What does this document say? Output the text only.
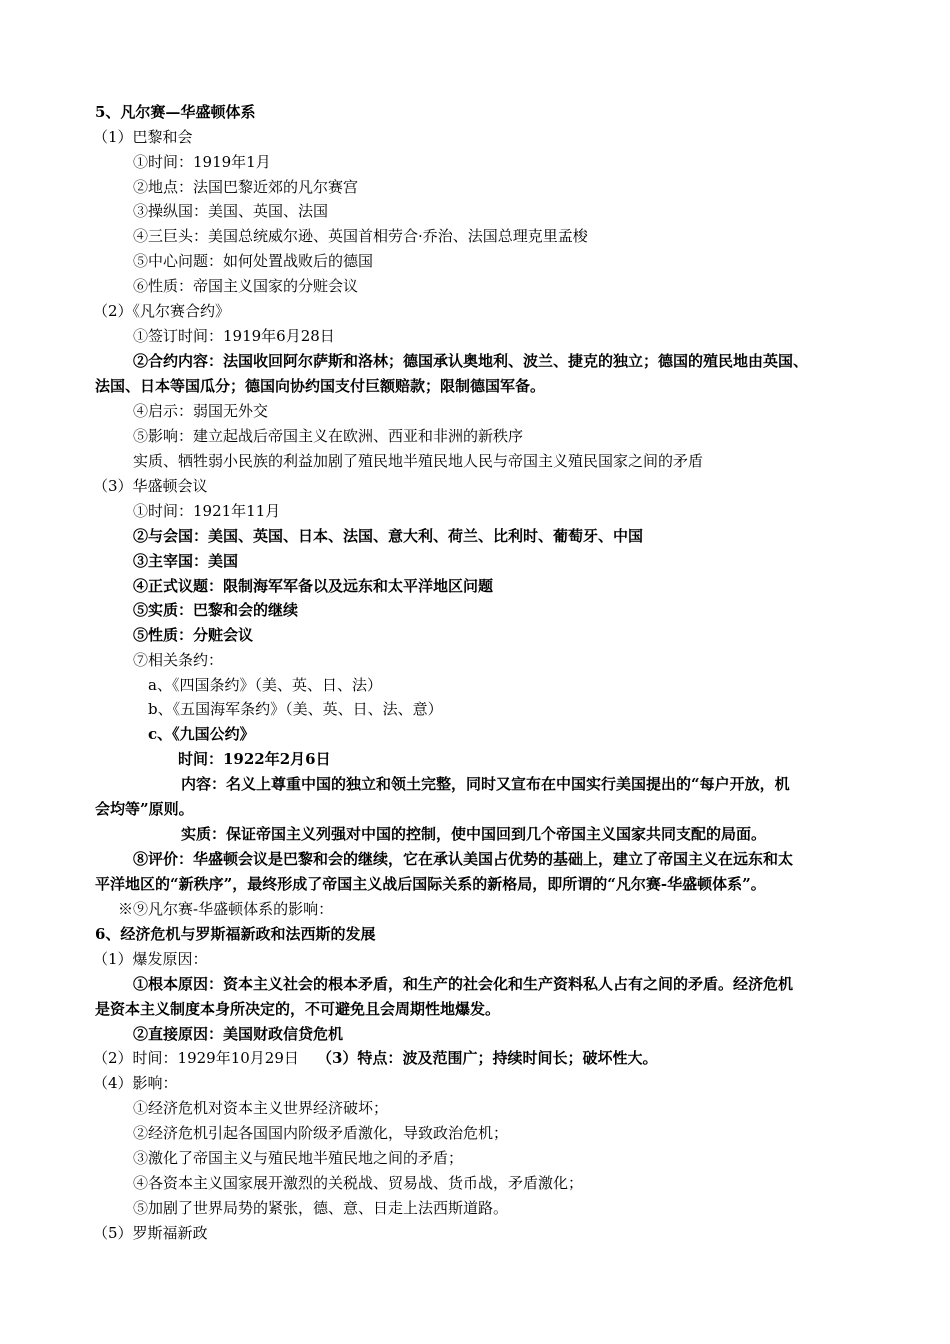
5、凡尔赛—华盛顿体系
（1）巴黎和会
①时间：1919年1月
②地点：法国巴黎近郊的凡尔赛宫
③操纵国：美国、英国、法国
④三巨头：美国总统威尔逊、英国首相劳合·乔治、法国总理克里孟梭
⑤中心问题：如何处置战败后的德国
⑥性质：帝国主义国家的分赃会议
（2）《凡尔赛合约》
①签订时间：1919年6月28日
②合约内容：法国收回阿尔萨斯和洛林；德国承认奥地利、波兰、捷克的独立；德国的殖民地由英国、
法国、日本等国瓜分；德国向协约国支付巨额赔款；限制德国军备。
④启示：弱国无外交
⑤影响：建立起战后帝国主义在欧洲、西亚和非洲的新秩序
实质、牺牲弱小民族的利益加剧了殖民地半殖民地人民与帝国主义殖民国家之间的矛盾
（3）华盛顿会议
①时间：1921年11月
②与会国：美国、英国、日本、法国、意大利、荷兰、比利时、葡萄牙、中国
③主宰国：美国
④正式议题：限制海军军备以及远东和太平洋地区问题
⑤实质：巴黎和会的继续
⑤性质：分赃会议
⑦相关条约：
a、《四国条约》（美、英、日、法）
b、《五国海军条约》（美、英、日、法、意）
c、《九国公约》
时间：1922年2月6日
内容：名义上尊重中国的独立和领土完整，同时又宣布在中国实行美国提出的“每户开放，机
会均等”原则。
实质：保证帝国主义列强对中国的控制，使中国回到几个帝国主义国家共同支配的局面。
⑧评价：华盛顿会议是巴黎和会的继续，它在承认美国占优势的基础上，建立了帝国主义在远东和太
平洋地区的“新秩序”，最终形成了帝国主义战后国际关系的新格局，即所谓的“凡尔赛-华盛顿体系”。
※⑨凡尔赛-华盛顿体系的影响：
6、经济危机与罗斯福新政和法西斯的发展
（1）爆发原因：
①根本原因：资本主义社会的根本矛盾，和生产的社会化和生产资料私人占有之间的矛盾。经济危机
是资本主义制度本身所决定的，不可避免且会周期性地爆发。
②直接原因：美国财政信贷危机
（2）时间：1929年10月29日 （3）特点：波及范围广；持续时间长；破坏性大。
（4）影响：
①经济危机对资本主义世界经济破坏；
②经济危机引起各国国内阶级矛盾激化，导致政治危机；
③激化了帝国主义与殖民地半殖民地之间的矛盾；
④各资本主义国家展开激烈的关税战、贸易战、货币战，矛盾激化；
⑤加剧了世界局势的紧张，德、意、日走上法西斯道路。
（5）罗斯福新政
